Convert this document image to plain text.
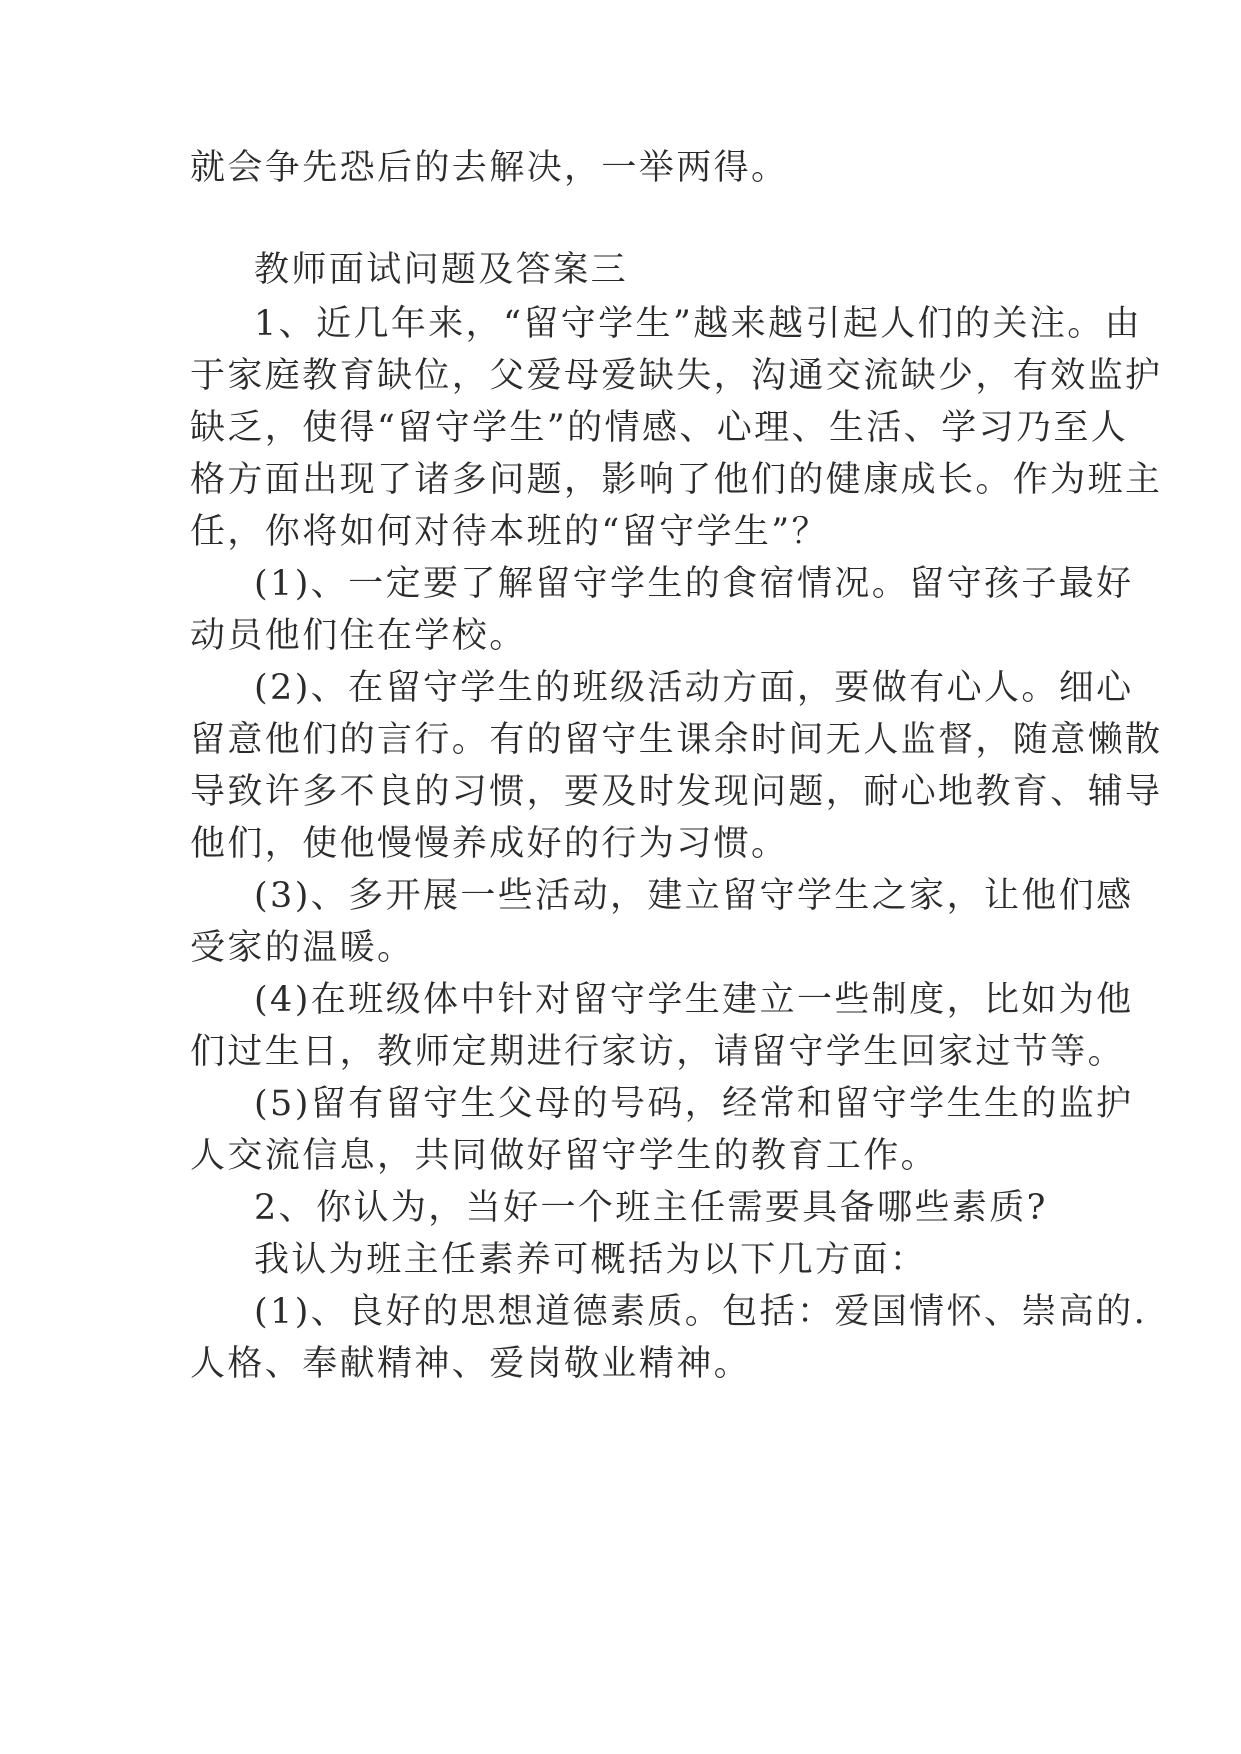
就会争先恐后的去解决，一举两得。

教师面试问题及答案三

1、近几年来，“留守学生”越来越引起人们的关注。由

于家庭教育缺位，父爱母爱缺失，沟通交流缺少，有效监护

缺乏，使得“留守学生”的情感、心理、生活、学习乃至人

格方面出现了诸多问题，影响了他们的健康成长。作为班主

任，你将如何对待本班的“留守学生”？

(1)、一定要了解留守学生的食宿情况。留守孩子最好

动员他们住在学校。

(2)、在留守学生的班级活动方面，要做有心人。细心

留意他们的言行。有的留守生课余时间无人监督，随意懒散

导致许多不良的习惯，要及时发现问题，耐心地教育、辅导

他们，使他慢慢养成好的行为习惯。

(3)、多开展一些活动，建立留守学生之家，让他们感

受家的温暖。

(4)在班级体中针对留守学生建立一些制度，比如为他

们过生日，教师定期进行家访，请留守学生回家过节等。

(5)留有留守生父母的号码，经常和留守学生生的监护

人交流信息，共同做好留守学生的教育工作。

2、你认为，当好一个班主任需要具备哪些素质?

我认为班主任素养可概括为以下几方面：

(1)、良好的思想道德素质。包括：爱国情怀、崇高的.

人格、奉献精神、爱岗敬业精神。
